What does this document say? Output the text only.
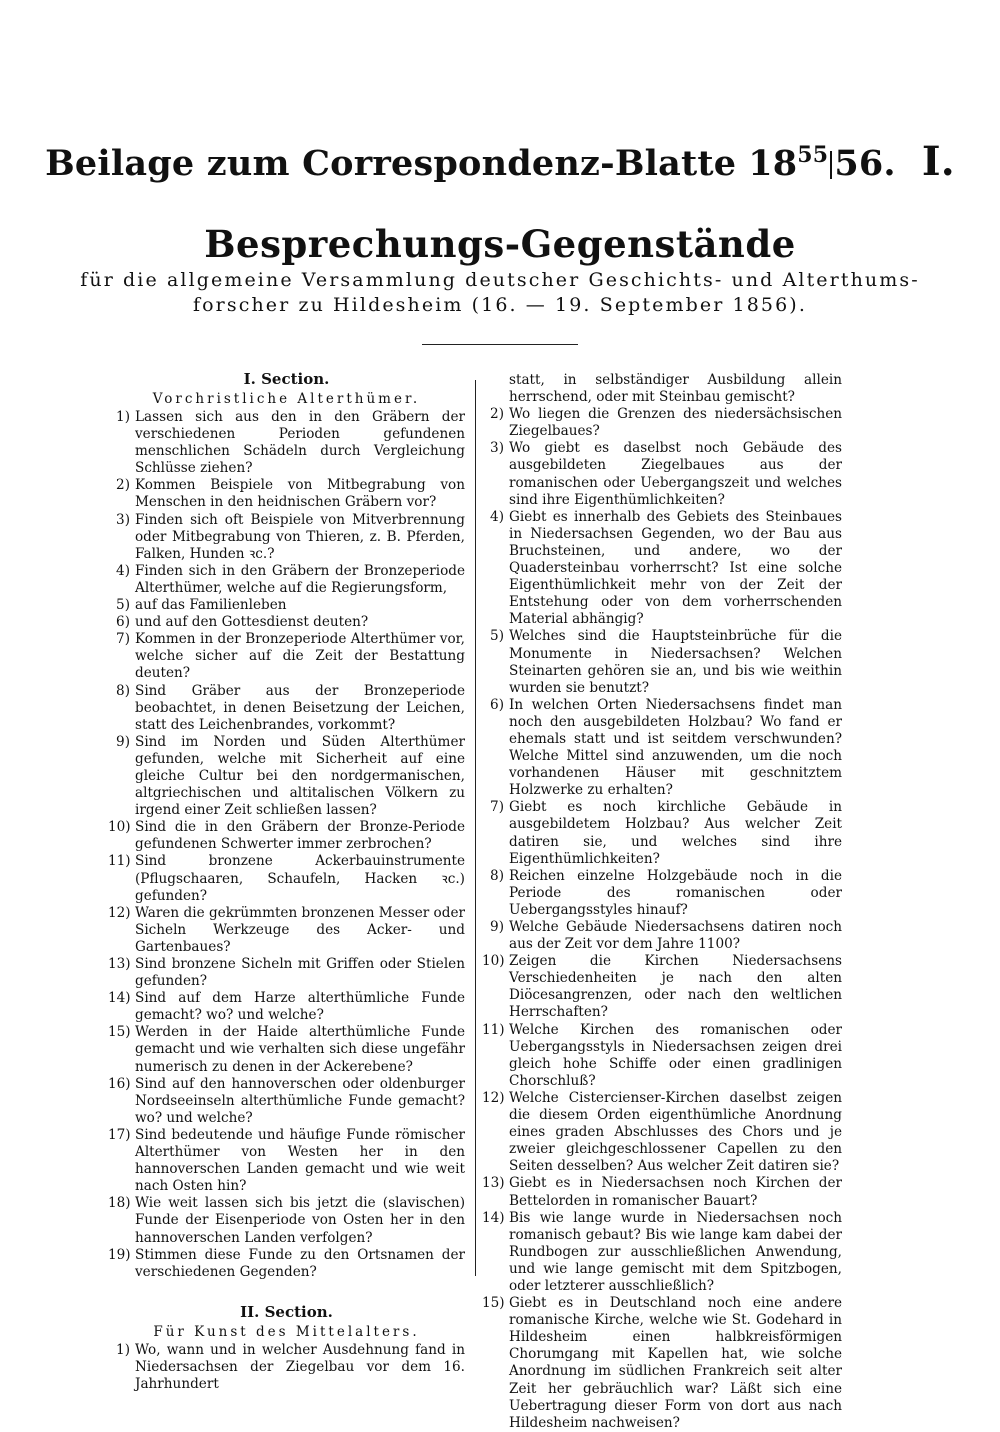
Beilage zum Correspondenz-Blatte $18^{55}$ 56. I.
Besprechungs-Gegenstände
für die allgemeine Versammlung deutscher Geschichts- und Alterthums-
forscher zu Hildesheim (16. — 19. September 1856).
I. Section.
Vorchristliche Alterthümer.
1) Lassen sich aus den in den Gräbern der verschiedenen Perioden gefundenen menschlichen Schädeln durch Vergleichung Schlüsse ziehen?
2) Kommen Beispiele von Mitbegrabung von Menschen in den heidnischen Gräbern vor?
3) Finden sich oft Beispiele von Mitverbrennung oder Mitbegrabung von Thieren, z. B. Pferden, Falken, Hunden ꝛc.?
4) Finden sich in den Gräbern der Bronzeperiode Alterthümer, welche auf die Regierungsform,
5) auf das Familienleben
6) und auf den Gottesdienst deuten?
7) Kommen in der Bronzeperiode Alterthümer vor, welche sicher auf die Zeit der Bestattung deuten?
8) Sind Gräber aus der Bronzeperiode beobachtet, in denen Beisetzung der Leichen, statt des Leichenbrandes, vorkommt?
9) Sind im Norden und Süden Alterthümer gefunden, welche mit Sicherheit auf eine gleiche Cultur bei den nordgermanischen, altgriechischen und altitalischen Völkern zu irgend einer Zeit schließen lassen?
10) Sind die in den Gräbern der Bronze-Periode gefundenen Schwerter immer zerbrochen?
11) Sind bronzene Ackerbauinstrumente (Pflugschaaren, Schaufeln, Hacken ꝛc.) gefunden?
12) Waren die gekrümmten bronzenen Messer oder Sicheln Werkzeuge des Acker- und Gartenbaues?
13) Sind bronzene Sicheln mit Griffen oder Stielen gefunden?
14) Sind auf dem Harze alterthümliche Funde gemacht? wo? und welche?
15) Werden in der Haide alterthümliche Funde gemacht und wie verhalten sich diese ungefähr numerisch zu denen in der Ackerebene?
16) Sind auf den hannoverschen oder oldenburger Nordseeinseln alterthümliche Funde gemacht? wo? und welche?
17) Sind bedeutende und häufige Funde römischer Alterthümer von Westen her in den hannoverschen Landen gemacht und wie weit nach Osten hin?
18) Wie weit lassen sich bis jetzt die (slavischen) Funde der Eisenperiode von Osten her in den hannoverschen Landen verfolgen?
19) Stimmen diese Funde zu den Ortsnamen der verschiedenen Gegenden?
II. Section.
Für Kunst des Mittelalters.
1) Wo, wann und in welcher Ausdehnung fand in Niedersachsen der Ziegelbau vor dem 16. Jahrhundert
statt, in selbständiger Ausbildung allein herrschend, oder mit Steinbau gemischt?
2) Wo liegen die Grenzen des niedersächsischen Ziegelbaues?
3) Wo giebt es daselbst noch Gebäude des ausgebildeten Ziegelbaues aus der romanischen oder Uebergangszeit und welches sind ihre Eigenthümlichkeiten?
4) Giebt es innerhalb des Gebiets des Steinbaues in Niedersachsen Gegenden, wo der Bau aus Bruchsteinen, und andere, wo der Quadersteinbau vorherrscht? Ist eine solche Eigenthümlichkeit mehr von der Zeit der Entstehung oder von dem vorherrschenden Material abhängig?
5) Welches sind die Hauptsteinbrüche für die Monumente in Niedersachsen? Welchen Steinarten gehören sie an, und bis wie weithin wurden sie benutzt?
6) In welchen Orten Niedersachsens findet man noch den ausgebildeten Holzbau? Wo fand er ehemals statt und ist seitdem verschwunden? Welche Mittel sind anzuwenden, um die noch vorhandenen Häuser mit geschnitztem Holzwerke zu erhalten?
7) Giebt es noch kirchliche Gebäude in ausgebildetem Holzbau? Aus welcher Zeit datiren sie, und welches sind ihre Eigenthümlichkeiten?
8) Reichen einzelne Holzgebäude noch in die Periode des romanischen oder Uebergangsstyles hinauf?
9) Welche Gebäude Niedersachsens datiren noch aus der Zeit vor dem Jahre 1100?
10) Zeigen die Kirchen Niedersachsens Verschiedenheiten je nach den alten Diöcesangrenzen, oder nach den weltlichen Herrschaften?
11) Welche Kirchen des romanischen oder Uebergangsstyls in Niedersachsen zeigen drei gleich hohe Schiffe oder einen gradlinigen Chorschluß?
12) Welche Cistercienser-Kirchen daselbst zeigen die diesem Orden eigenthümliche Anordnung eines graden Abschlusses des Chors und je zweier gleichgeschlossener Capellen zu den Seiten desselben? Aus welcher Zeit datiren sie?
13) Giebt es in Niedersachsen noch Kirchen der Bettelorden in romanischer Bauart?
14) Bis wie lange wurde in Niedersachsen noch romanisch gebaut? Bis wie lange kam dabei der Rundbogen zur ausschließlichen Anwendung, und wie lange gemischt mit dem Spitzbogen, oder letzterer ausschließlich?
15) Giebt es in Deutschland noch eine andere romanische Kirche, welche wie St. Godehard in Hildesheim einen halbkreisförmigen Chorumgang mit Kapellen hat, wie solche Anordnung im südlichen Frankreich seit alter Zeit her gebräuchlich war? Läßt sich eine Uebertragung dieser Form von dort aus nach Hildesheim nachweisen?
